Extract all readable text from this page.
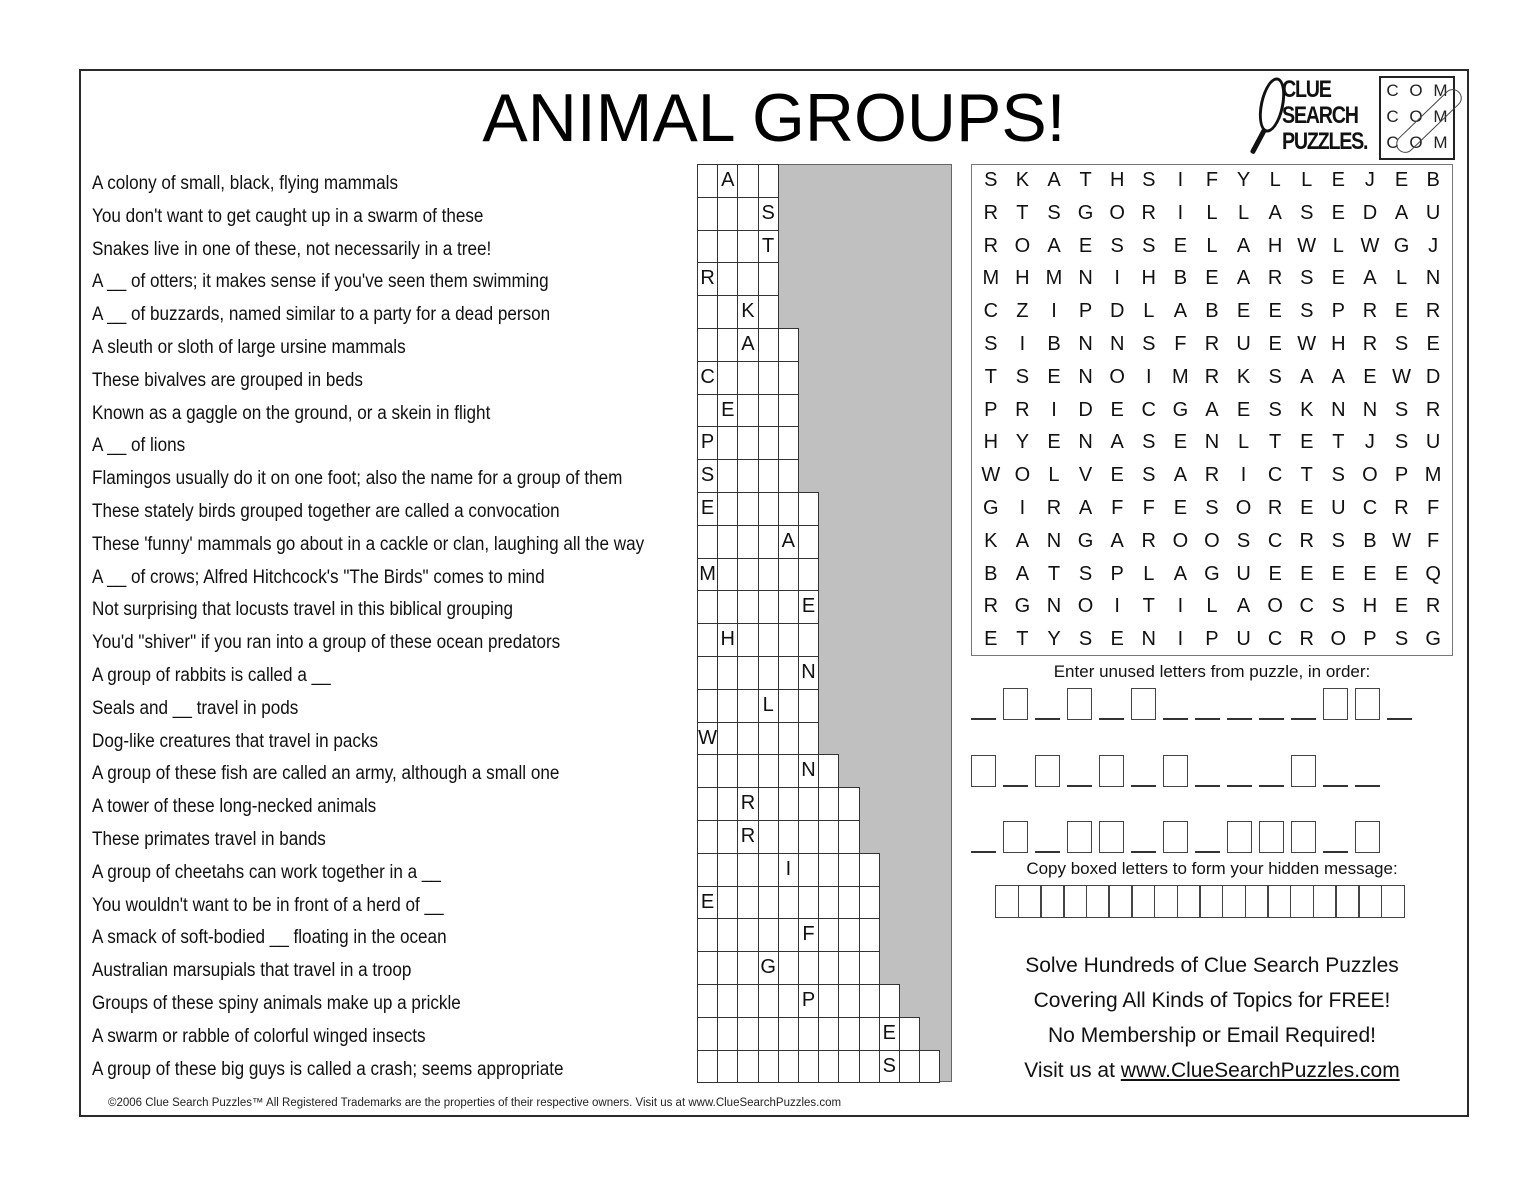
ANIMAL GROUPS!	CLUE
SEARCH
PUZZLES.
C O M
C O M
C O M
A colony of small, black, flying mammals
You don't want to get caught up in a swarm of these
Snakes live in one of these, not necessarily in a tree!
A __ of otters; it makes sense if you've seen them swimming
A __ of buzzards, named similar to a party for a dead person
A sleuth or sloth of large ursine mammals
These bivalves are grouped in beds
Known as a gaggle on the ground, or a skein in flight
A __ of lions
Flamingos usually do it on one foot; also the name for a group of them
These stately birds grouped together are called a convocation
These 'funny' mammals go about in a cackle or clan, laughing all the way
A __ of crows; Alfred Hitchcock's "The Birds" comes to mind
Not surprising that locusts travel in this biblical grouping
You'd "shiver" if you ran into a group of these ocean predators
A group of rabbits is called a __
Seals and __ travel in pods
Dog-like creatures that travel in packs
A group of these fish are called an army, although a small one
A tower of these long-necked animals
These primates travel in bands
A group of cheetahs can work together in a __
You wouldn't want to be in front of a herd of __
A smack of soft-bodied __ floating in the ocean
Australian marsupials that travel in a troop
Groups of these spiny animals make up a prickle
A swarm or rabble of colorful winged insects
A group of these big guys is called a crash; seems appropriate
A
S
T
R
K
A
C
E
P
S
E
A
M
E
H
N
L
W
N
R
R
I
E
F
G
P
E
S
S K A T H S	I	F Y L	L E J E B
R T S G O R	I	L	L A S E D A U
R O A E S S E L A H W L W G J
M H M N	I	H B E A R S E A L N
C Z	I	P D L A B E E S P R E R
S	I	B N N S F R U E W H R S E
T S E N O	I	M R K S A A E W D
P R	I	D E C G A E S K N N S R
H Y E N A S E N L T E T	J S U
W O L V E S A R	I	C T S O P M
G	I	R A F F E S O R E U C R F
K A N G A R O O S C R S B W F
B A T S P L A G U E E E E E Q
R G N O	I	T	I	L A O C S H E R
E T Y S E N	I	P U C R O P S G
Enter unused letters from puzzle, in order:
Copy boxed letters to form your hidden message:
Solve Hundreds of Clue Search Puzzles
Covering All Kinds of Topics for FREE!
No Membership or Email Required!
Visit us at www.ClueSearchPuzzles.com
©2006 Clue Search Puzzles™ All Registered Trademarks are the properties of their respective owners. Visit us at www.ClueSearchPuzzles.com
